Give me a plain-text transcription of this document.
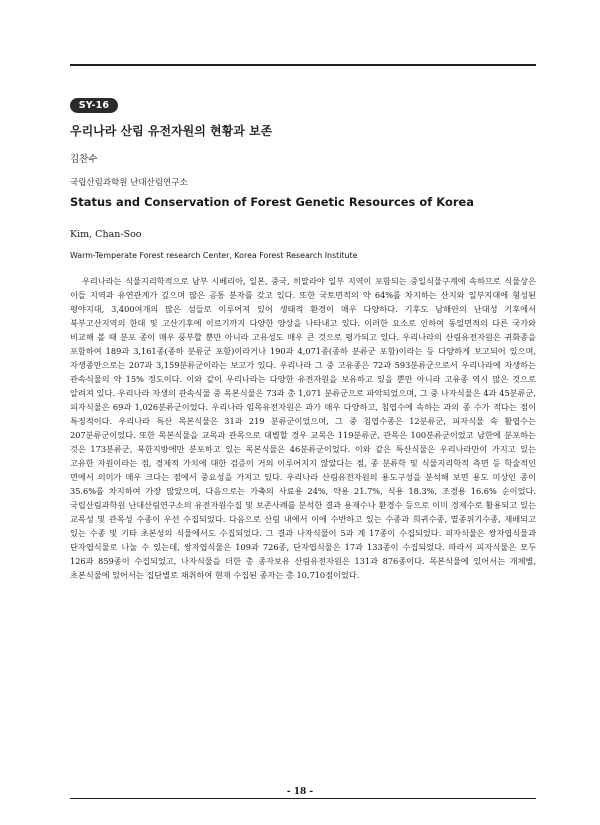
SY-16
우리나라 산림 유전자원의 현황과 보존
김찬수
국립산림과학원 난대산림연구소
Status and Conservation of Forest Genetic Resources of Korea
Kim, Chan-Soo
Warm-Temperate Forest research Center, Korea Forest Research Institute

우리나라는 식물지리학적으로 남부 시베리아, 일본, 중국, 히말라야 일부 지역이 포함되는 중일식물구계에 속하므로 식물상은 이들 지역과 유연관계가 깊으며 많은 공통 분자를 갖고 있다. 또한 국토면적의 약 64%를 차지하는 산지와 일부지대에 형성된 평야지대, 3,400여개의 많은 섬들로 이루어져 있어 생태적 환경이 매우 다양하다. 기후도 남해안의 난대성 기후에서 북부고산지역의 한대 및 고산기후에 이르기까지 다양한 양상을 나타내고 있다. 이러한 요소로 인하여 동일면적의 다른 국가와 비교해 볼 때 분포 종이 매우 풍부할 뿐만 아니라 고유성도 매우 큰 것으로 평가되고 있다. 우리나라의 산림유전자원은 귀화종을 포함하여 189과 3,161종(종하 분류군 포함)이라거나 190과 4,071종(종하 분류군 포함)이라는 등 다양하게 보고되어 있으며, 자생종만으로는 207과 3,159분류군이라는 보고가 있다. 우리나라 그 중 고유종은 72과 593분류군으로서 우리나라에 자생하는 관속식물의 약 15% 정도이다. 이와 같이 우리나라는 다양한 유전자원을 보유하고 있을 뿐만 아니라 고유종 역시 많은 것으로 알려져 있다. 우리나라 자생의 관속식물 중 목본식물은 73과 총 1,071 분류군으로 파악되었으며, 그 중 나자식물은 4과 45분류군, 피자식물은 69과 1,026분류군이었다. 우리나라 임목유전자원은 과가 매우 다양하고, 침엽수에 속하는 과의 종 수가 적다는 점이 특징적이다. 우리나라 특산 목본식물은 31과 219 분류군이었으며, 그 중 침엽수종은 12분류군, 피자식물 속 활엽수는 207분류군이었다. 또한 목본식물을 교목과 관목으로 대별할 경우 교목은 119분류군, 관목은 100분류군이었고 남한에 분포하는 것은 173분류군, 북한지방에만 분포하고 있는 목본식물은 46분류군이었다. 이와 같은 특산식물은 우리나라만이 가지고 있는 고유한 자원이라는 점, 경제적 가치에 대한 검증이 거의 이루어지지 않았다는 점, 종 분류학 및 식물지리학적 측면 등 학술적인 면에서 의미가 매우 크다는 점에서 중요성을 가지고 있다. 우리나라 산림유전자원의 용도구성을 분석해 보면 용도 미상인 종이 35.6%를 차지하여 가장 많았으며, 다음으로는 가축의 사료용 24%, 약용 21.7%, 식용 18.3%, 조경용 16.6% 순이었다. 국립산림과학원 난대산림연구소의 유전자원수집 및 보존사례를 분석한 결과 용재수나 환경수 등으로 이미 경제수로 활용되고 있는 교목성 및 관목성 수종이 우선 수집되었다. 다음으로 산림 내에서 이에 수반하고 있는 수종과 희귀수종, 멸종위기수종, 재배되고 있는 수종 및 기타 초본성의 식물에서도 수집되었다. 그 결과 나자식물이 5과 계 17종이 수집되었다. 피자식물은 쌍자엽식물과 단자엽식물로 나눌 수 있는데, 쌍자엽식물은 109과 726종, 단자엽식물은 17과 133종이 수집되었다. 따라서 피자식물은 모두 126과 859종이 수집되었고, 나자식물을 더한 총 종자보유 산림유전자원은 131과 876종이다. 목본식물에 있어서는 개체별, 초본식물에 있어서는 집단별로 채취하여 현재 수집된 종자는 총 10,710점이었다.

- 18 -
